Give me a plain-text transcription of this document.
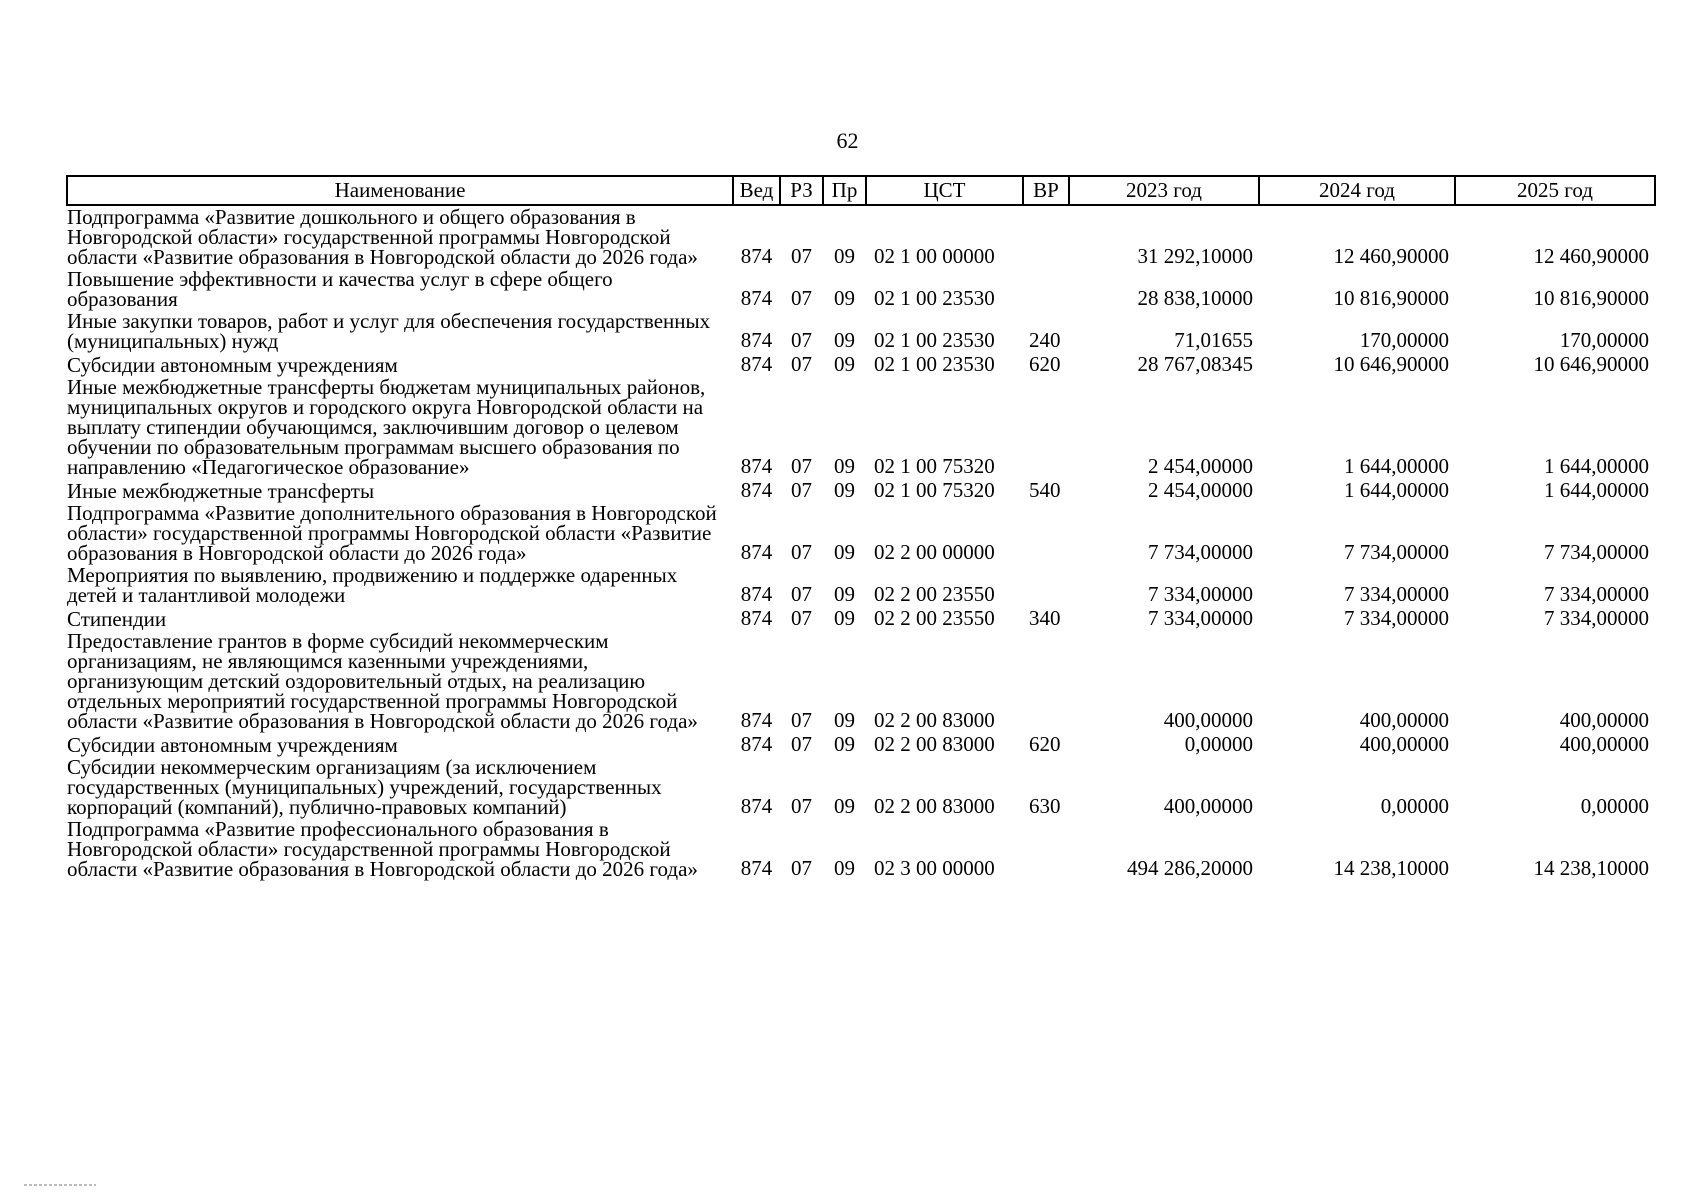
62
Наименование	Вед	РЗ	Пр	ЦСТ	ВР	2023 год	2024 год	2025 год
Подпрограмма «Развитие дошкольного и общего образования в Новгородской области» государственной программы Новгородской области «Развитие образования в Новгородской области до 2026 года»	874	07	09	02 1 00 00000		31 292,10000	12 460,90000	12 460,90000
Повышение эффективности и качества услуг в сфере общего образования	874	07	09	02 1 00 23530		28 838,10000	10 816,90000	10 816,90000
Иные закупки товаров, работ и услуг для обеспечения государственных (муниципальных) нужд	874	07	09	02 1 00 23530	240	71,01655	170,00000	170,00000
Субсидии автономным учреждениям	874	07	09	02 1 00 23530	620	28 767,08345	10 646,90000	10 646,90000
Иные межбюджетные трансферты бюджетам муниципальных районов, муниципальных округов и городского округа Новгородской области на выплату стипендии обучающимся, заключившим договор о целевом обучении по образовательным программам высшего образования по направлению «Педагогическое образование»	874	07	09	02 1 00 75320		2 454,00000	1 644,00000	1 644,00000
Иные межбюджетные трансферты	874	07	09	02 1 00 75320	540	2 454,00000	1 644,00000	1 644,00000
Подпрограмма «Развитие дополнительного образования в Новгородской области» государственной программы Новгородской области «Развитие образования в Новгородской области до 2026 года»	874	07	09	02 2 00 00000		7 734,00000	7 734,00000	7 734,00000
Мероприятия по выявлению, продвижению и поддержке одаренных детей и талантливой молодежи	874	07	09	02 2 00 23550		7 334,00000	7 334,00000	7 334,00000
Стипендии	874	07	09	02 2 00 23550	340	7 334,00000	7 334,00000	7 334,00000
Предоставление грантов в форме субсидий некоммерческим организациям, не являющимся казенными учреждениями, организующим детский оздоровительный отдых, на реализацию отдельных мероприятий государственной программы Новгородской области «Развитие образования в Новгородской области до 2026 года»	874	07	09	02 2 00 83000		400,00000	400,00000	400,00000
Субсидии автономным учреждениям	874	07	09	02 2 00 83000	620	0,00000	400,00000	400,00000
Субсидии некоммерческим организациям (за исключением государственных (муниципальных) учреждений, государственных корпораций (компаний), публично-правовых компаний)	874	07	09	02 2 00 83000	630	400,00000	0,00000	0,00000
Подпрограмма «Развитие профессионального образования в Новгородской области» государственной программы Новгородской области «Развитие образования в Новгородской области до 2026 года»	874	07	09	02 3 00 00000		494 286,20000	14 238,10000	14 238,10000
